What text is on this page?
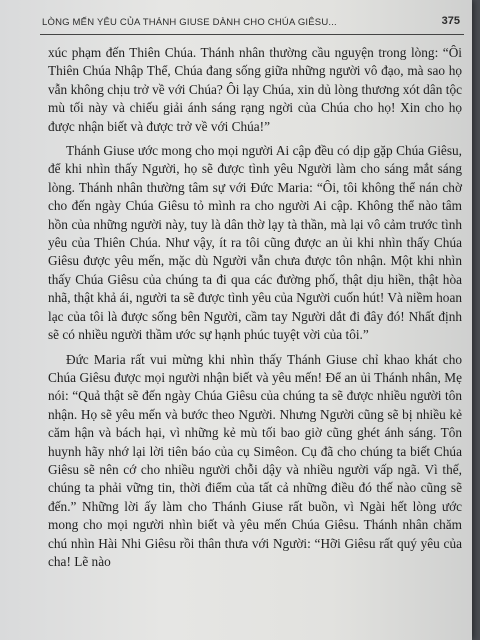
LÒNG MẾN YÊU CỦA THÁNH GIUSE DÀNH CHO CHÚA GIÊSU...	375

xúc phạm đến Thiên Chúa. Thánh nhân thường cầu nguyện trong lòng: “Ôi Thiên Chúa Nhập Thể, Chúa đang sống giữa những người vô đạo, mà sao họ vẫn không chịu trở về với Chúa? Ôi lạy Chúa, xin dủ lòng thương xót dân tộc mù tối này và chiếu giải ánh sáng rạng ngời của Chúa cho họ! Xin cho họ được nhận biết và được trở về với Chúa!”

Thánh Giuse ước mong cho mọi người Ai cập đều có dịp gặp Chúa Giêsu, để khi nhìn thấy Người, họ sẽ được tình yêu Người làm cho sáng mắt sáng lòng. Thánh nhân thường tâm sự với Đức Maria: “Ôi, tôi không thể nán chờ cho đến ngày Chúa Giêsu tỏ mình ra cho người Ai cập. Không thể nào tâm hồn của những người này, tuy là dân thờ lạy tà thần, mà lại vô cảm trước tình yêu của Thiên Chúa. Như vậy, ít ra tôi cũng được an ủi khi nhìn thấy Chúa Giêsu được yêu mến, mặc dù Người vẫn chưa được tôn nhận. Một khi nhìn thấy Chúa Giêsu của chúng ta đi qua các đường phố, thật dịu hiền, thật hòa nhã, thật khả ái, người ta sẽ được tình yêu của Người cuốn hút! Và niềm hoan lạc của tôi là được sống bên Người, cầm tay Người dắt đi đây đó! Nhất định sẽ có nhiều người thầm ước sự hạnh phúc tuyệt vời của tôi.”

Đức Maria rất vui mừng khi nhìn thấy Thánh Giuse chỉ khao khát cho Chúa Giêsu được mọi người nhận biết và yêu mến! Để an ủi Thánh nhân, Mẹ nói: “Quả thật sẽ đến ngày Chúa Giêsu của chúng ta sẽ được nhiều người tôn nhận. Họ sẽ yêu mến và bước theo Người. Nhưng Người cũng sẽ bị nhiều kẻ căm hận và bách hại, vì những kẻ mù tối bao giờ cũng ghét ánh sáng. Tôn huynh hãy nhớ lại lời tiên báo của cụ Simêon. Cụ đã cho chúng ta biết Chúa Giêsu sẽ nên cớ cho nhiều người chỗi dậy và nhiều người vấp ngã. Vì thế, chúng ta phải vững tin, thời điểm của tất cả những điều đó thế nào cũng sẽ đến.” Những lời ấy làm cho Thánh Giuse rất buồn, vì Ngài hết lòng ước mong cho mọi người nhìn biết và yêu mến Chúa Giêsu. Thánh nhân chăm chú nhìn Hài Nhi Giêsu rồi thân thưa với Người: “Hỡi Giêsu rất quý yêu của cha! Lẽ nào
